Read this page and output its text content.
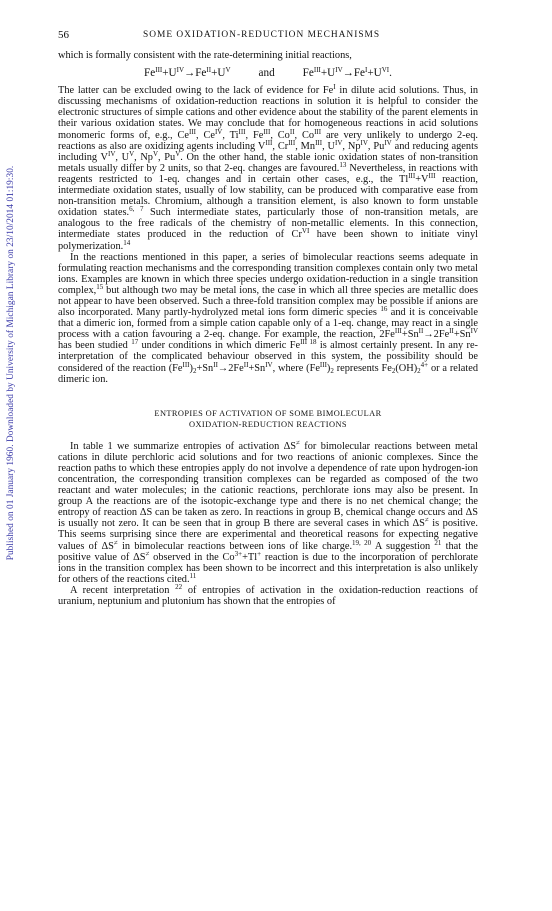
Published on 01 January 1960. Downloaded by University of Michigan Library on 23/10/2014 01:19:30.
56	SOME OXIDATION-REDUCTION MECHANISMS

which is formally consistent with the rate-determining initial reactions,

$Fe^{III}+U^{IV}\to Fe^{II}+U^V$	and	$Fe^{III}+U^{IV}\to Fe^I+U^{VI}$.

The latter can be excluded owing to the lack of evidence for $Fe^I$ in dilute acid solutions. Thus, in discussing mechanisms of oxidation-reduction reactions in solution it is helpful to consider the electronic structures of simple cations and other evidence about the stability of the parent elements in their various oxidation states. We may conclude that for homogeneous reactions in acid solutions monomeric forms of, e.g., $Ce^{III}$, $Ce^{IV}$, $Ti^{III}$, $Fe^{III}$, $Co^{II}$, $Co^{III}$ are very unlikely to undergo 2-eq. reactions as also are oxidizing agents including $V^{III}$, $Cr^{III}$, $Mn^{III}$, $U^{IV}$, $Np^{IV}$, $Pu^{IV}$ and reducing agents including $V^{IV}$, $U^V$, $Np^V$, $Pu^V$. On the other hand, the stable ionic oxidation states of non-transition metals usually differ by 2 units, so that 2-eq. changes are favoured.$^{13}$ Nevertheless, in reactions with reagents restricted to 1-eq. changes and in certain other cases, e.g., the $Tl^{III}+V^{III}$ reaction, intermediate oxidation states, usually of low stability, can be produced with comparative ease from non-transition metals. Chromium, although a transition element, is also known to form unstable oxidation states.$^{6, 7}$ Such intermediate states, particularly those of non-transition metals, are analogous to the free radicals of the chemistry of non-metallic elements. In this connection, intermediate states produced in the reduction of $Cr^{VI}$ have been shown to initiate vinyl polymerization.$^{14}$

In the reactions mentioned in this paper, a series of bimolecular reactions seems adequate in formulating reaction mechanisms and the corresponding transition complexes contain only two metal ions. Examples are known in which three species undergo oxidation-reduction in a single transition complex,$^{15}$ but although two may be metal ions, the case in which all three species are metallic does not appear to have been observed. Such a three-fold transition complex may be possible if anions are also incorporated. Many partly-hydrolyzed metal ions form dimeric species $^{16}$ and it is conceivable that a dimeric ion, formed from a simple cation capable only of a 1-eq. change, may react in a single process with a cation favouring a 2-eq. change. For example, the reaction, $2Fe^{III}+Sn^{II}\to 2Fe^{II}+Sn^{IV}$ has been studied $^{17}$ under conditions in which dimeric $Fe^{III 18}$ is almost certainly present. In any re-interpretation of the complicated behaviour observed in this system, the possibility should be considered of the reaction $(Fe^{III})_2+Sn^{II}\to 2Fe^{II}+Sn^{IV}$, where $(Fe^{III})_2$ represents $Fe_2(OH)_2^{4+}$ or a related dimeric ion.

ENTROPIES OF ACTIVATION OF SOME BIMOLECULAR
OXIDATION-REDUCTION REACTIONS

In table 1 we summarize entropies of activation ΔS≠ for bimolecular reactions between metal cations in dilute perchloric acid solutions and for two reactions of anionic complexes. Since the reaction paths to which these entropies apply do not involve a dependence of rate upon hydrogen-ion concentration, the corresponding transition complexes can be regarded as composed of the two reactant and water molecules; in the cationic reactions, perchlorate ions may also be present. In group A the reactions are of the isotopic-exchange type and there is no net chemical change; the entropy of reaction ΔS can be taken as zero. In reactions in group B, chemical change occurs and ΔS is usually not zero. It can be seen that in group B there are several cases in which ΔS≠ is positive. This seems surprising since there are experimental and theoretical reasons for expecting negative values of ΔS≠ in bimolecular reactions between ions of like charge.$^{19, 20}$ A suggestion $^{21}$ that the positive value of ΔS≠ observed in the $Co^{3+}+Tl^+$ reaction is due to the incorporation of perchlorate ions in the transition complex has been shown to be incorrect and this interpretation is also unlikely for others of the reactions cited.$^{11}$

A recent interpretation $^{22}$ of entropies of activation in the oxidation-reduction reactions of uranium, neptunium and plutonium has shown that the entropies of
